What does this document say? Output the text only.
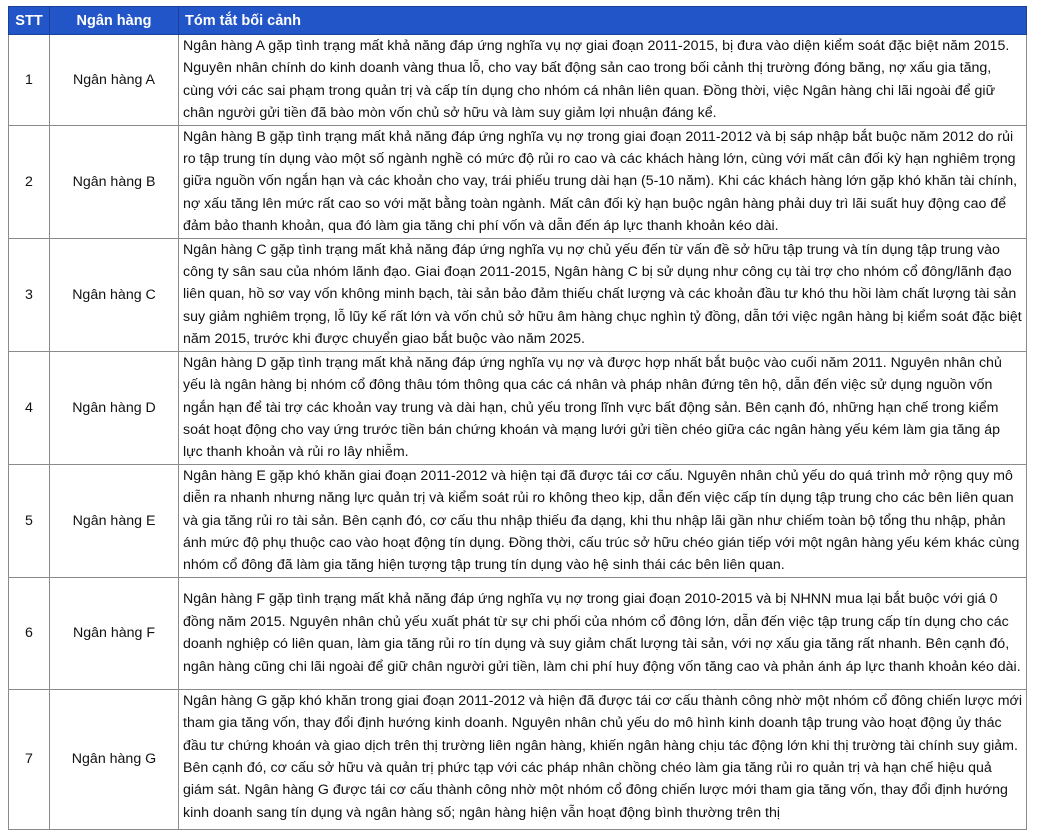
STT	Ngân hàng	Tóm tắt bối cảnh
1	Ngân hàng A	Ngân hàng A gặp tình trạng mất khả năng đáp ứng nghĩa vụ nợ giai đoạn 2011-2015, bị đưa vào diện kiểm soát đặc biệt năm 2015. Nguyên nhân chính do kinh doanh vàng thua lỗ, cho vay bất động sản cao trong bối cảnh thị trường đóng băng, nợ xấu gia tăng, cùng với các sai phạm trong quản trị và cấp tín dụng cho nhóm cá nhân liên quan. Đồng thời, việc Ngân hàng chi lãi ngoài để giữ chân người gửi tiền đã bào mòn vốn chủ sở hữu và làm suy giảm lợi nhuận đáng kể.
2	Ngân hàng B	Ngân hàng B gặp tình trạng mất khả năng đáp ứng nghĩa vụ nợ trong giai đoạn 2011-2012 và bị sáp nhập bắt buộc năm 2012 do rủi ro tập trung tín dụng vào một số ngành nghề có mức độ rủi ro cao và các khách hàng lớn, cùng với mất cân đối kỳ hạn nghiêm trọng giữa nguồn vốn ngắn hạn và các khoản cho vay, trái phiếu trung dài hạn (5-10 năm). Khi các khách hàng lớn gặp khó khăn tài chính, nợ xấu tăng lên mức rất cao so với mặt bằng toàn ngành. Mất cân đối kỳ hạn buộc ngân hàng phải duy trì lãi suất huy động cao để đảm bảo thanh khoản, qua đó làm gia tăng chi phí vốn và dẫn đến áp lực thanh khoản kéo dài.
3	Ngân hàng C	Ngân hàng C gặp tình trạng mất khả năng đáp ứng nghĩa vụ nợ chủ yếu đến từ vấn đề sở hữu tập trung và tín dụng tập trung vào công ty sân sau của nhóm lãnh đạo. Giai đoạn 2011-2015, Ngân hàng C bị sử dụng như công cụ tài trợ cho nhóm cổ đông/lãnh đạo liên quan, hồ sơ vay vốn không minh bạch, tài sản bảo đảm thiếu chất lượng và các khoản đầu tư khó thu hồi làm chất lượng tài sản suy giảm nghiêm trọng, lỗ lũy kế rất lớn và vốn chủ sở hữu âm hàng chục nghìn tỷ đồng, dẫn tới việc ngân hàng bị kiểm soát đặc biệt năm 2015, trước khi được chuyển giao bắt buộc vào năm 2025.
4	Ngân hàng D	Ngân hàng D gặp tình trạng mất khả năng đáp ứng nghĩa vụ nợ và được hợp nhất bắt buộc vào cuối năm 2011. Nguyên nhân chủ yếu là ngân hàng bị nhóm cổ đông thâu tóm thông qua các cá nhân và pháp nhân đứng tên hộ, dẫn đến việc sử dụng nguồn vốn ngắn hạn để tài trợ các khoản vay trung và dài hạn, chủ yếu trong lĩnh vực bất động sản. Bên cạnh đó, những hạn chế trong kiểm soát hoạt động cho vay ứng trước tiền bán chứng khoán và mạng lưới gửi tiền chéo giữa các ngân hàng yếu kém làm gia tăng áp lực thanh khoản và rủi ro lây nhiễm.
5	Ngân hàng E	Ngân hàng E gặp khó khăn giai đoạn 2011-2012 và hiện tại đã được tái cơ cấu. Nguyên nhân chủ yếu do quá trình mở rộng quy mô diễn ra nhanh nhưng năng lực quản trị và kiểm soát rủi ro không theo kịp, dẫn đến việc cấp tín dụng tập trung cho các bên liên quan và gia tăng rủi ro tài sản. Bên cạnh đó, cơ cấu thu nhập thiếu đa dạng, khi thu nhập lãi gần như chiếm toàn bộ tổng thu nhập, phản ánh mức độ phụ thuộc cao vào hoạt động tín dụng. Đồng thời, cấu trúc sở hữu chéo gián tiếp với một ngân hàng yếu kém khác cùng nhóm cổ đông đã làm gia tăng hiện tượng tập trung tín dụng vào hệ sinh thái các bên liên quan.
6	Ngân hàng F	Ngân hàng F gặp tình trạng mất khả năng đáp ứng nghĩa vụ nợ trong giai đoạn 2010-2015 và bị NHNN mua lại bắt buộc với giá 0 đồng năm 2015. Nguyên nhân chủ yếu xuất phát từ sự chi phối của nhóm cổ đông lớn, dẫn đến việc tập trung cấp tín dụng cho các doanh nghiệp có liên quan, làm gia tăng rủi ro tín dụng và suy giảm chất lượng tài sản, với nợ xấu gia tăng rất nhanh. Bên cạnh đó, ngân hàng cũng chi lãi ngoài để giữ chân người gửi tiền, làm chi phí huy động vốn tăng cao và phản ánh áp lực thanh khoản kéo dài.
7	Ngân hàng G	Ngân hàng G gặp khó khăn trong giai đoạn 2011-2012 và hiện đã được tái cơ cấu thành công nhờ một nhóm cổ đông chiến lược mới tham gia tăng vốn, thay đổi định hướng kinh doanh. Nguyên nhân chủ yếu do mô hình kinh doanh tập trung vào hoạt động ủy thác đầu tư chứng khoán và giao dịch trên thị trường liên ngân hàng, khiến ngân hàng chịu tác động lớn khi thị trường tài chính suy giảm. Bên cạnh đó, cơ cấu sở hữu và quản trị phức tạp với các pháp nhân chồng chéo làm gia tăng rủi ro quản trị và hạn chế hiệu quả giám sát. Ngân hàng G được tái cơ cấu thành công nhờ một nhóm cổ đông chiến lược mới tham gia tăng vốn, thay đổi định hướng kinh doanh sang tín dụng và ngân hàng số; ngân hàng hiện vẫn hoạt động bình thường trên thị
